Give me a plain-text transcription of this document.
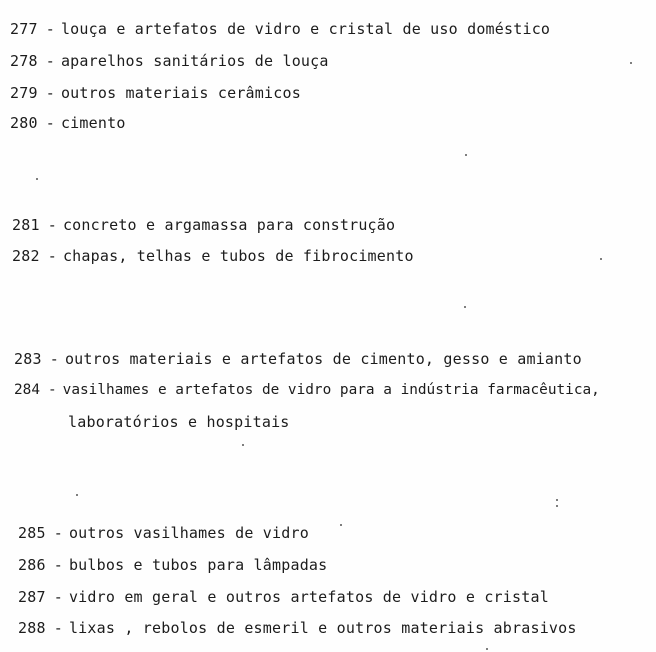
277 - louça e artefatos de vidro e cristal de uso doméstico
278 - aparelhos sanitários de louça
279 - outros materiais cerâmicos
280 - cimento
281 - concreto e argamassa para construção
282 - chapas, telhas e tubos de fibrocimento
283 - outros materiais e artefatos de cimento, gesso e amianto
284 - vasilhames e artefatos de vidro para a indústria farmacêutica,
laboratórios e hospitais
285 - outros vasilhames de vidro
286 - bulbos e tubos para lâmpadas
287 - vidro em geral e outros artefatos de vidro e cristal
288 - lixas , rebolos de esmeril e outros materiais abrasivos
